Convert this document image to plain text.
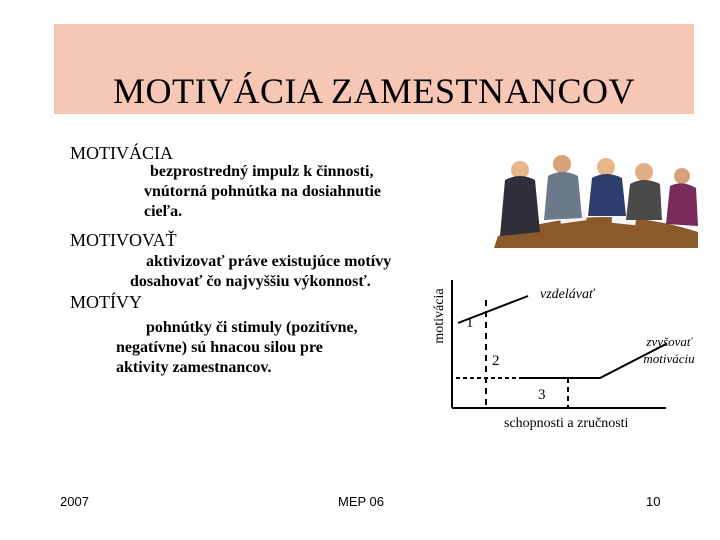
MOTIVÁCIA ZAMESTNANCOV
MOTIVÁCIA
bezprostredný impulz k činnosti,
vnútorná pohnútka na dosiahnutie
cieľa.
MOTIVOVAŤ
aktivizovať práve existujúce motívy
dosahovať čo najvyššiu výkonnosť.
MOTÍVY
pohnútky či stimuly (pozitívne,
negatívne) sú hnacou silou pre
aktivity zamestnancov.
motivácia	vzdelávať
zvyšovať
motiváciu
1
2
3
schopnosti a zručnosti
2007	MEP 06	10
